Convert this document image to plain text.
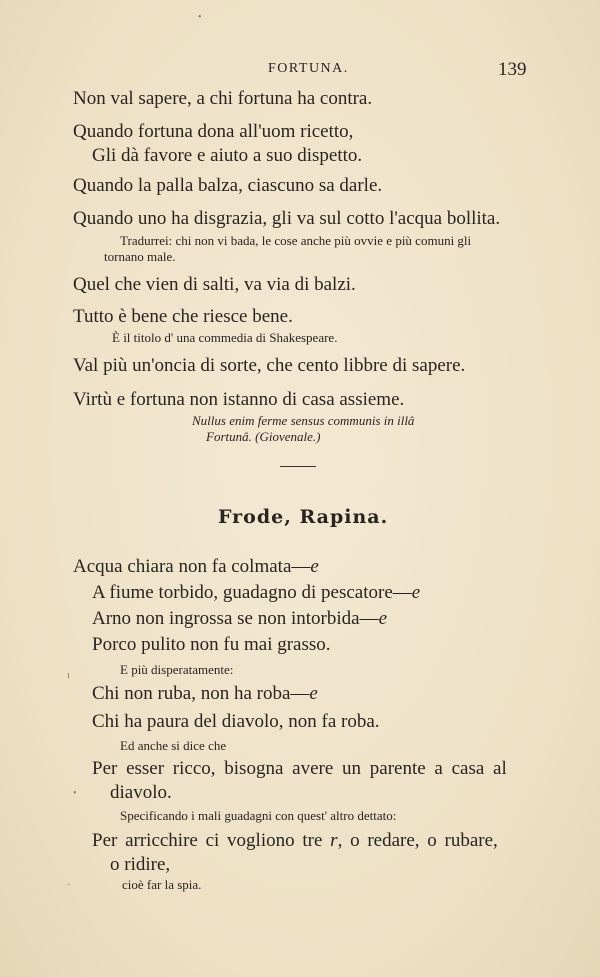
•
FORTUNA.	139
Non val sapere, a chi fortuna ha contra.
Quando fortuna dona all'uom ricetto,
Gli dà favore e aiuto a suo dispetto.
Quando la palla balza, ciascuno sa darle.
Quando uno ha disgrazia, gli va sul cotto l'acqua bollita.
Tradurrei: chi non vi bada, le cose anche più ovvie e più comuni gli
tornano male.
Quel che vien di salti, va via di balzi.
Tutto è bene che riesce bene.
È il titolo d' una commedia di Shakespeare.
Val più un'oncia di sorte, che cento libbre di sapere.
Virtù e fortuna non istanno di casa assieme.
Nullus enim ferme sensus communis in illâ
Fortunâ. (Giovenale.)
Frode, Rapina.
Acqua chiara non fa colmata—e
A fiume torbido, guadagno di pescatore—e
Arno non ingrossa se non intorbida—e
Porco pulito non fu mai grasso.
E più disperatamente:
ı
Chi non ruba, non ha roba—e
Chi ha paura del diavolo, non fa roba.
Ed anche si dice che
Per esser ricco, bisogna avere un parente a casa al
diavolo.
•
Specificando i mali guadagni con quest' altro dettato:
Per arricchire ci vogliono tre r, o redare, o rubare,
o ridire,
cioè far la spia.
·
